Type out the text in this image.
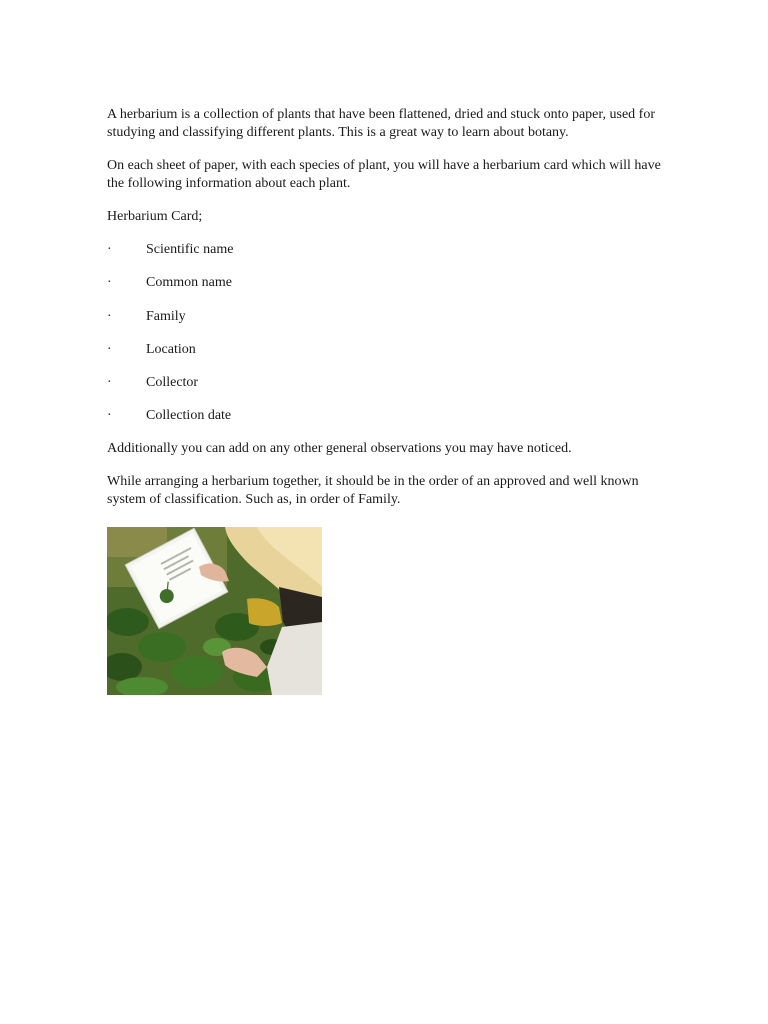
A herbarium is a collection of plants that have been flattened, dried and stuck onto paper, used for studying and classifying different plants. This is a great way to learn about botany.

On each sheet of paper, with each species of plant, you will have a herbarium card which will have the following information about each plant.

Herbarium Card;

·	Scientific name
·	Common name
·	Family
·	Location
·	Collector
·	Collection date

Additionally you can add on any other general observations you may have noticed.

While arranging a herbarium together, it should be in the order of an approved and well known system of classification. Such as, in order of Family.
